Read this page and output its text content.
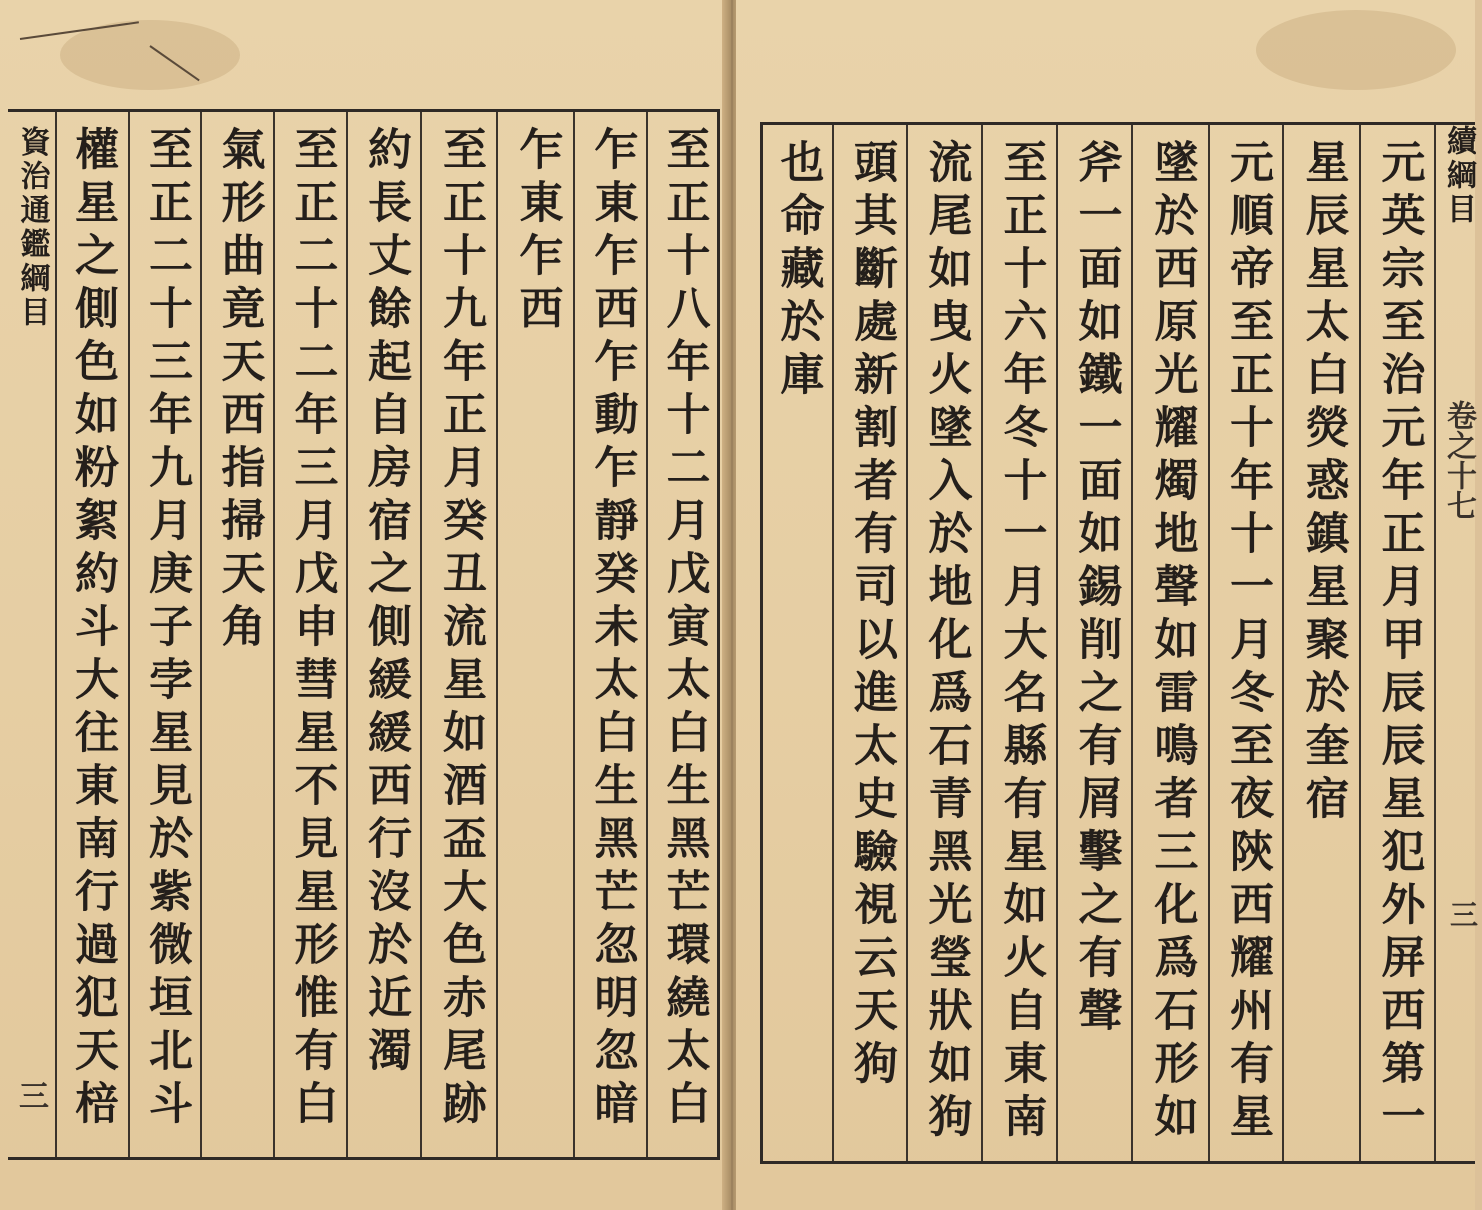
資治通鑑綱目 權星之側色如粉絮約斗大往東南行過犯天棓 至正二十三年九月庚子孛星見於紫微垣北斗 氣形曲竟天西指掃天角 至正二十二年三月戊申彗星不見星形惟有白 約長丈餘起自房宿之側緩緩西行沒於近濁 至正十九年正月癸丑流星如酒盃大色赤尾跡 乍東乍西 乍東乍西乍動乍靜癸未太白生黑芒忽明忽暗 至正十八年十二月戊寅太白生黑芒環繞太白
三
也命藏於庫 頭其斷處新割者有司以進太史驗視云天狗 流尾如曳火墜入於地化爲石青黑光瑩狀如狗 至正十六年冬十一月大名縣有星如火自東南 斧一面如鐵一面如錫削之有屑擊之有聲 墜於西原光耀燭地聲如雷鳴者三化爲石形如 元順帝至正十年十一月冬至夜陝西耀州有星 星辰星太白熒惑鎮星聚於奎宿 元英宗至治元年正月甲辰辰星犯外屏西第一 續綱目
卷之十七
三
